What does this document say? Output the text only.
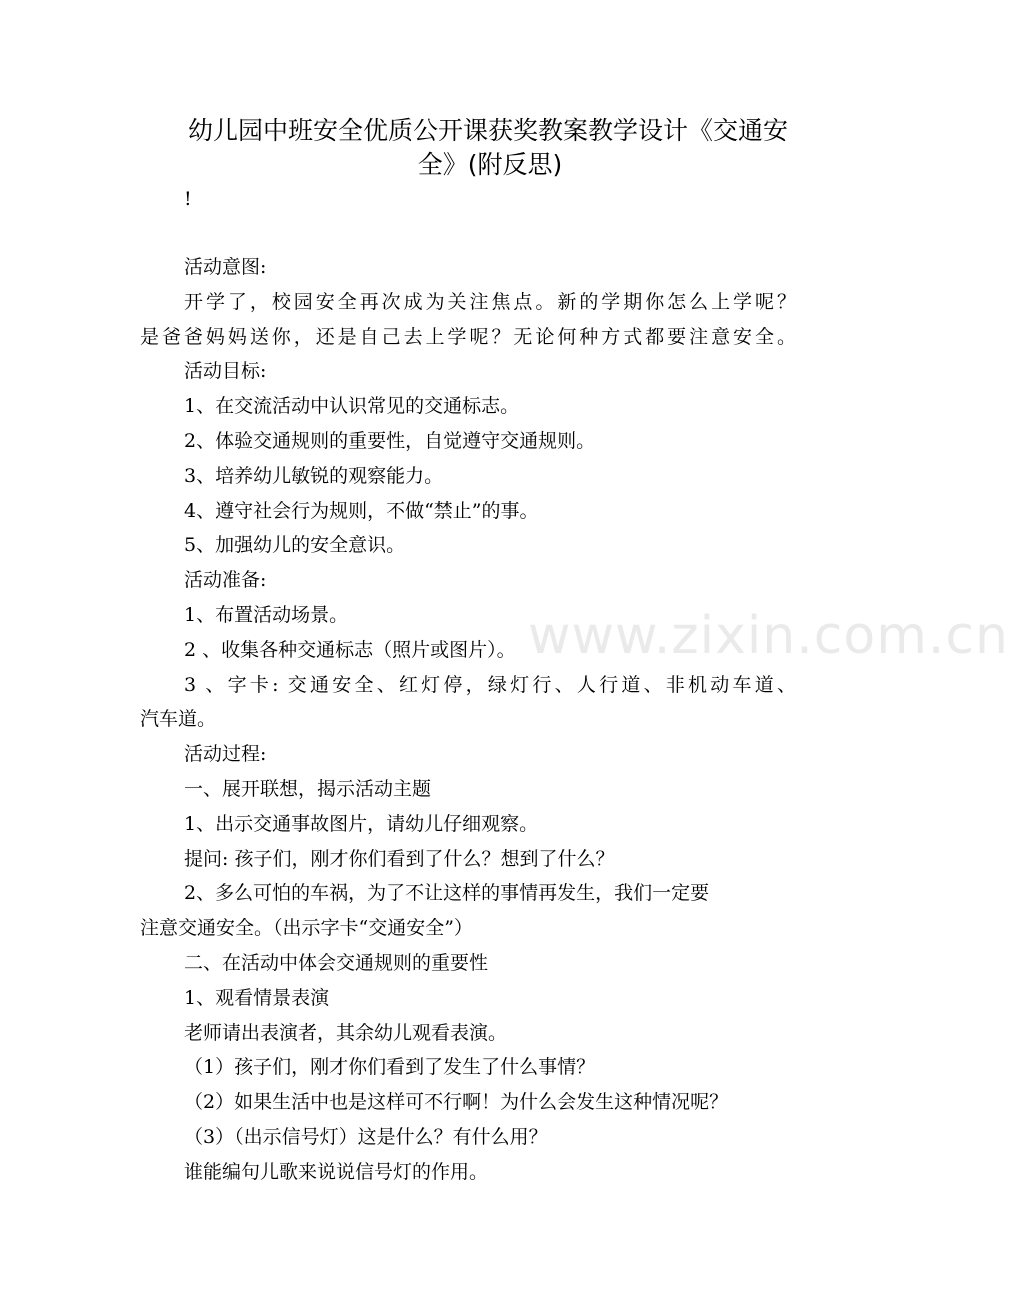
幼儿园中班安全优质公开课获奖教案教学设计《交通安
全》(附反思)
!
www.zixin.com.cn
活动意图:
开学了，校园安全再次成为关注焦点。新的学期你怎么上学呢？
是爸爸妈妈送你，还是自己去上学呢？无论何种方式都要注意安全。
活动目标:
1、在交流活动中认识常见的交通标志。
2、体验交通规则的重要性，自觉遵守交通规则。
3、培养幼儿敏锐的观察能力。
4、遵守社会行为规则，不做“禁止”的事。
5、加强幼儿的安全意识。
活动准备:
1、布置活动场景。
2 、收集各种交通标志（照片或图片）。
3 、字卡: 交通安全、红灯停，绿灯行、人行道、非机动车道、
汽车道。
活动过程:
一、展开联想，揭示活动主题
1、出示交通事故图片，请幼儿仔细观察。
提问: 孩子们，刚才你们看到了什么？想到了什么？
2、多么可怕的车祸，为了不让这样的事情再发生，我们一定要
注意交通安全。（出示字卡“交通安全”）
二、在活动中体会交通规则的重要性
1、观看情景表演
老师请出表演者，其余幼儿观看表演。
（1）孩子们，刚才你们看到了发生了什么事情？
（2）如果生活中也是这样可不行啊！为什么会发生这种情况呢？
（3）（出示信号灯）这是什么？有什么用？
谁能编句儿歌来说说信号灯的作用。
